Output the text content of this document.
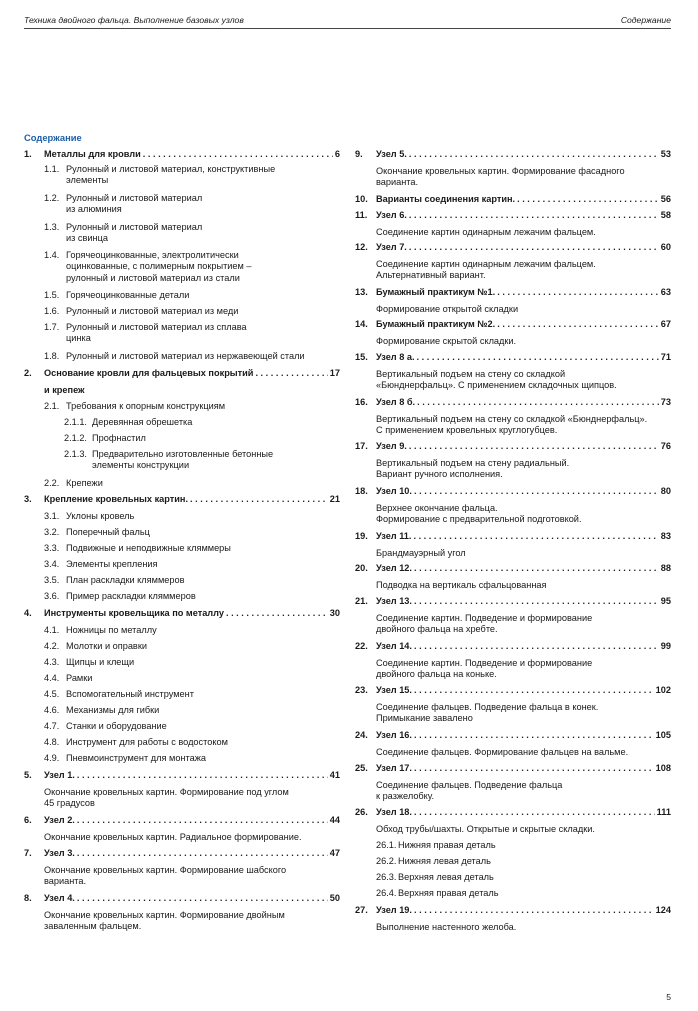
Техника двойного фальца. Выполнение базовых узлов	Содержание
Содержание
1.	Металлы для кровли . . .	6
1.1. Рулонный и листовой материал, конструктивные
элементы
1.2. Рулонный и листовой материал
из алюминия
1.3. Рулонный и листовой материал
из свинца
1.4. Горячеоцинкованные, электролитически
оцинкованные, с полимерным покрытием –
рулонный и листовой материал из стали
1.5. Горячеоцинкованные детали
1.6. Рулонный и листовой материал из меди
1.7. Рулонный и листовой материал из сплава
цинка
1.8. Рулонный и листовой материал из нержавеющей стали
2.	Основание кровли для фальцевых покрытий . . .	17
и крепеж
2.1. Требования к опорным конструкциям
2.1.1. Деревянная обрешетка
2.1.2. Профнастил
2.1.3. Предварительно изготовленные бетонные
элементы конструкции
2.2. Крепежи
3.	Крепление кровельных картин. . . .	21
3.1. Уклоны кровель
3.2. Поперечный фальц
3.3. Подвижные и неподвижные кляммеры
3.4. Элементы крепления
3.5. План раскладки кляммеров
3.6. Пример раскладки кляммеров
4.	Инструменты кровельщика по металлу . . .	30
4.1. Ножницы по металлу
4.2. Молотки и оправки
4.3. Щипцы и клещи
4.4. Рамки
4.5. Вспомогательный инструмент
4.6. Механизмы для гибки
4.7. Станки и оборудование
4.8. Инструмент для работы с водостоком
4.9. Пневмоинструмент для монтажа
5.	Узел 1. . . .	41
Окончание кровельных картин. Формирование под углом
45 градусов
6.	Узел 2. . . .	44
Окончание кровельных картин. Радиальное формирование.
7.	Узел 3. . . .	47
Окончание кровельных картин. Формирование шабского
варианта.
8.	Узел 4. . . .	50
Окончание кровельных картин. Формирование двойным
заваленным фальцем.
9.	Узел 5. . . .	53
Окончание кровельных картин. Формирование фасадного
варианта.
10. Варианты соединения картин. . . .	56
11. Узел 6. . . .	58
Соединение картин одинарным лежачим фальцем.
12. Узел 7. . . .	60
Соединение картин одинарным лежачим фальцем.
Альтернативный вариант.
13. Бумажный практикум №1. . . .	63
Формирование открытой складки
14. Бумажный практикум №2. . . .	67
Формирование скрытой складки.
15. Узел 8 а. . . .	71
Вертикальный подъем на стену со складкой
«Бюнднерфальц». С применением складочных щипцов.
16. Узел 8 б. . . .	73
Вертикальный подъем на стену со складкой «Бюнднерфальц».
С применением кровельных круглогубцев.
17. Узел 9. . . .	76
Вертикальный подъем на стену радиальный.
Вариант ручного исполнения.
18. Узел 10. . . .	80
Верхнее окончание фальца.
Формирование с предварительной подготовкой.
19. Узел 11. . . .	83
Брандмауэрный угол
20. Узел 12. . . .	88
Подводка на вертикаль сфальцованная
21. Узел 13. . . .	95
Соединение картин. Подведение и формирование
двойного фальца на хребте.
22. Узел 14. . . .	99
Соединение картин. Подведение и формирование
двойного фальца на коньке.
23. Узел 15. . . .	102
Соединение фальцев. Подведение фальца в конек.
Примыкание завалено
24. Узел 16. . . .	105
Соединение фальцев. Формирование фальцев на вальме.
25. Узел 17. . . .	108
Соединение фальцев. Подведение фальца
к разжелобку.
26. Узел 18. . . .	111
Обход трубы/шахты. Открытые и скрытые складки.
26.1. Нижняя правая деталь
26.2. Нижняя левая деталь
26.3. Верхняя левая деталь
26.4. Верхняя правая деталь
27. Узел 19. . . .	124
Выполнение настенного желоба.
5
